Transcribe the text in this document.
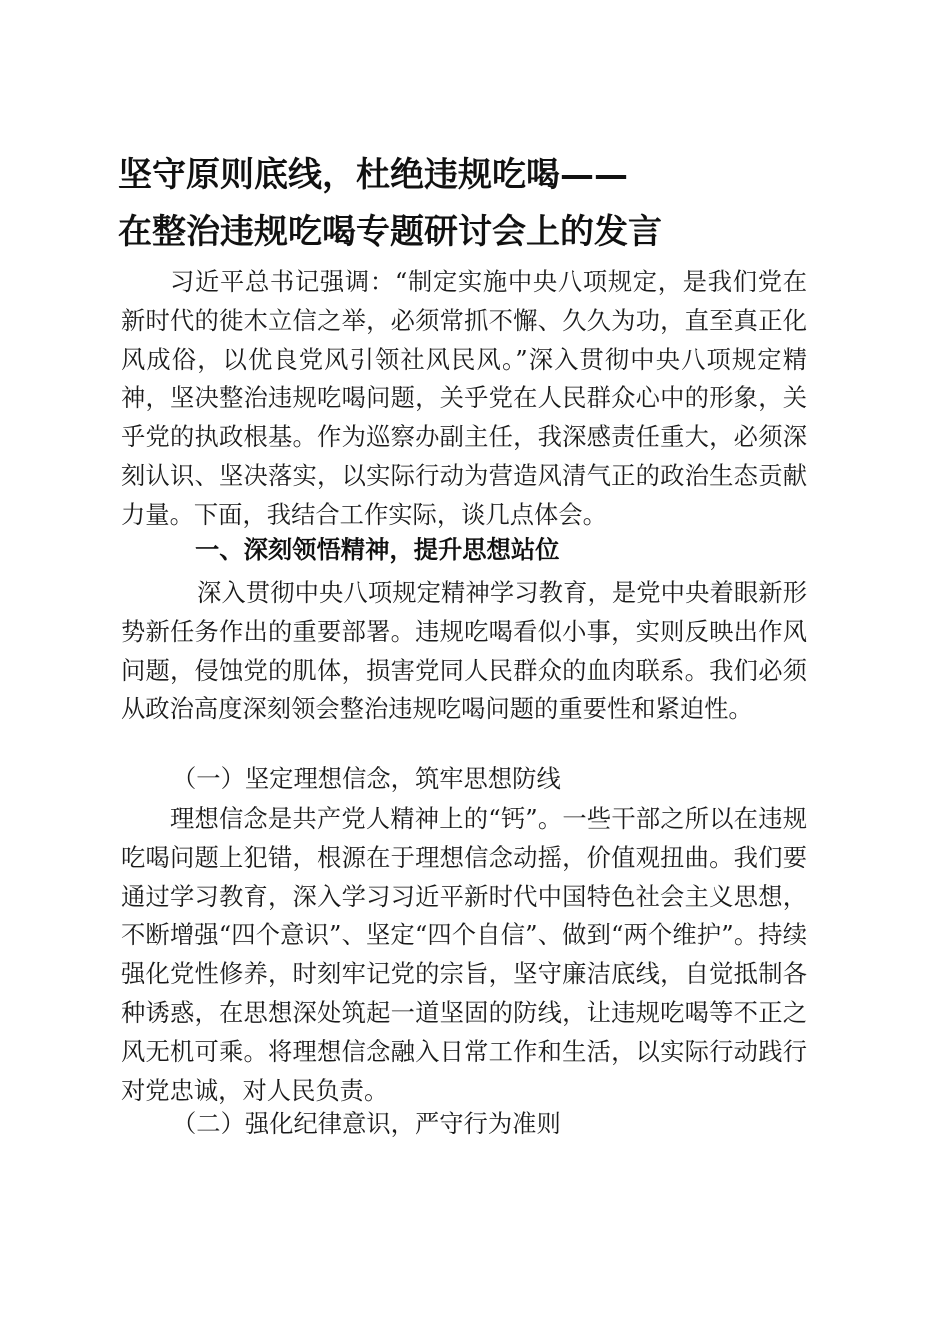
坚守原则底线，杜绝违规吃喝——
在整治违规吃喝专题研讨会上的发言

习近平总书记强调：“制定实施中央八项规定，是我们党在新时代的徙木立信之举，必须常抓不懈、久久为功，直至真正化风成俗，以优良党风引领社风民风。”深入贯彻中央八项规定精神，坚决整治违规吃喝问题，关乎党在人民群众心中的形象，关乎党的执政根基。作为巡察办副主任，我深感责任重大，必须深刻认识、坚决落实，以实际行动为营造风清气正的政治生态贡献力量。下面，我结合工作实际，谈几点体会。

一、深刻领悟精神，提升思想站位

深入贯彻中央八项规定精神学习教育，是党中央着眼新形势新任务作出的重要部署。违规吃喝看似小事，实则反映出作风问题，侵蚀党的肌体，损害党同人民群众的血肉联系。我们必须从政治高度深刻领会整治违规吃喝问题的重要性和紧迫性。

（一）坚定理想信念，筑牢思想防线

理想信念是共产党人精神上的“钙”。一些干部之所以在违规吃喝问题上犯错，根源在于理想信念动摇，价值观扭曲。我们要通过学习教育，深入学习习近平新时代中国特色社会主义思想，不断增强“四个意识”、坚定“四个自信”、做到“两个维护”。持续强化党性修养，时刻牢记党的宗旨，坚守廉洁底线，自觉抵制各种诱惑，在思想深处筑起一道坚固的防线，让违规吃喝等不正之风无机可乘。将理想信念融入日常工作和生活，以实际行动践行对党忠诚，对人民负责。

（二）强化纪律意识，严守行为准则
